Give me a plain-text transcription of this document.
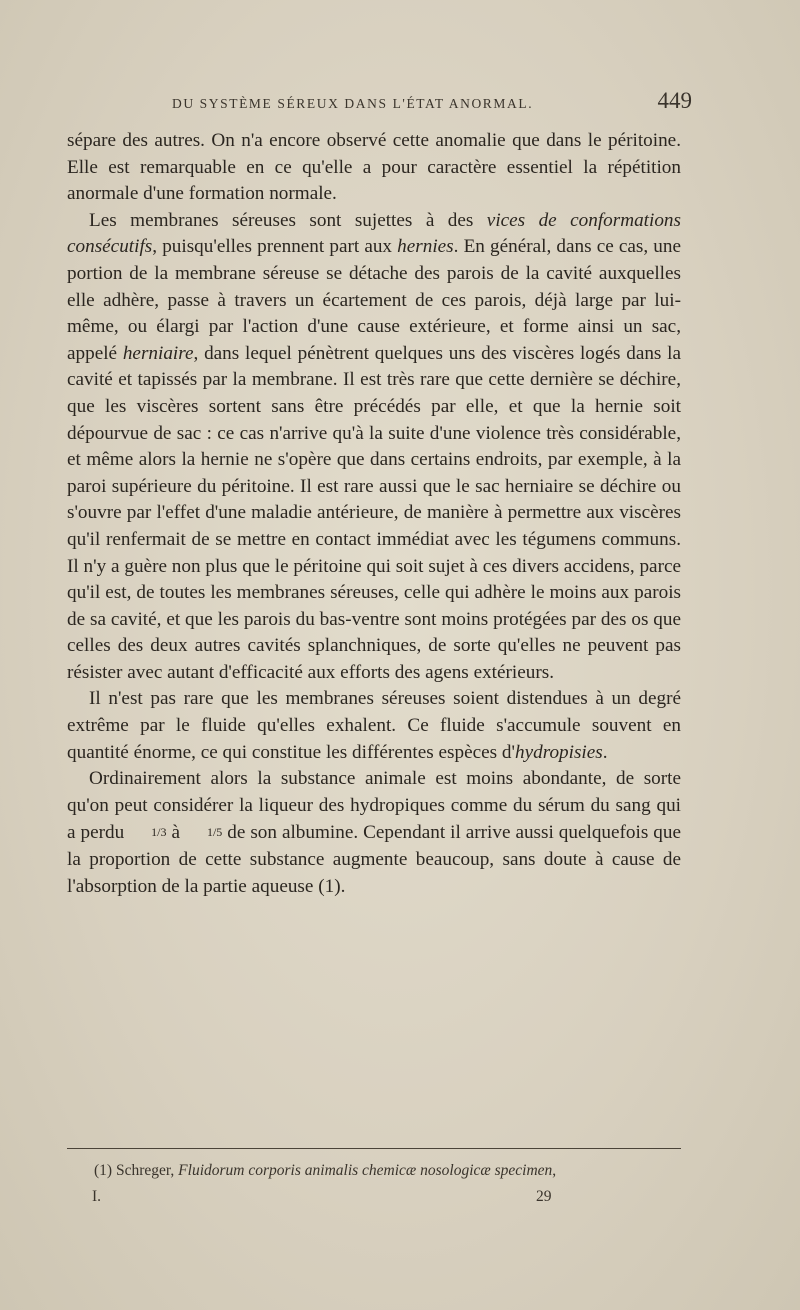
DU SYSTÈME SÉREUX DANS L'ÉTAT ANORMAL.	449

sépare des autres. On n'a encore observé cette anomalie que dans le péritoine. Elle est remarquable en ce qu'elle a pour caractère essentiel la répétition anormale d'une formation normale.

Les membranes séreuses sont sujettes à des vices de conformations consécutifs, puisqu'elles prennent part aux hernies. En général, dans ce cas, une portion de la membrane séreuse se détache des parois de la cavité auxquelles elle adhère, passe à travers un écartement de ces parois, déjà large par lui-même, ou élargi par l'action d'une cause extérieure, et forme ainsi un sac, appelé herniaire, dans lequel pénètrent quelques uns des viscères logés dans la cavité et tapissés par la membrane. Il est très rare que cette dernière se déchire, que les viscères sortent sans être précédés par elle, et que la hernie soit dépourvue de sac : ce cas n'arrive qu'à la suite d'une violence très considérable, et même alors la hernie ne s'opère que dans certains endroits, par exemple, à la paroi supérieure du péritoine. Il est rare aussi que le sac herniaire se déchire ou s'ouvre par l'effet d'une maladie antérieure, de manière à permettre aux viscères qu'il renfermait de se mettre en contact immédiat avec les tégumens communs. Il n'y a guère non plus que le péritoine qui soit sujet à ces divers accidens, parce qu'il est, de toutes les membranes séreuses, celle qui adhère le moins aux parois de sa cavité, et que les parois du bas-ventre sont moins protégées par des os que celles des deux autres cavités splanchniques, de sorte qu'elles ne peuvent pas résister avec autant d'efficacité aux efforts des agens extérieurs.

Il n'est pas rare que les membranes séreuses soient distendues à un degré extrême par le fluide qu'elles exhalent. Ce fluide s'accumule souvent en quantité énorme, ce qui constitue les différentes espèces d'hydropisies.

Ordinairement alors la substance animale est moins abondante, de sorte qu'on peut considérer la liqueur des hydropiques comme du sérum du sang qui a perdu 1/3 à 1/5 de son albumine. Cependant il arrive aussi quelquefois que la proportion de cette substance augmente beaucoup, sans doute à cause de l'absorption de la partie aqueuse (1).

(1) Schreger, Fluidorum corporis animalis chemicæ nosologicæ specimen,
I.	29
